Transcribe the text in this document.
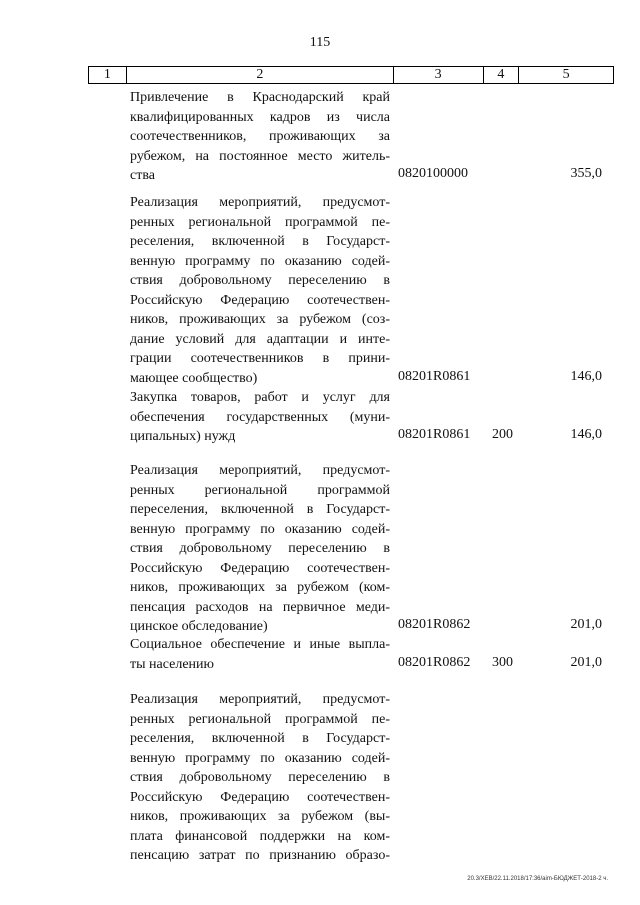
115
1	2	3	4	5
Привлечение в Краснодарский край
квалифицированных кадров из числа
соотечественников, проживающих за
рубежом, на постоянное место житель-
ства	0820100000	355,0
Реализация мероприятий, предусмот-
ренных региональной программой пе-
реселения, включенной в Государст-
венную программу по оказанию содей-
ствия добровольному переселению в
Российскую Федерацию соотечествен-
ников, проживающих за рубежом (соз-
дание условий для адаптации и инте-
грации соотечественников в прини-
мающее сообщество)	08201R0861	146,0
Закупка товаров, работ и услуг для
обеспечения государственных (муни-
ципальных) нужд	08201R0861 200	146,0
Реализация мероприятий, предусмот-
ренных региональной программой
переселения, включенной в Государст-
венную программу по оказанию содей-
ствия добровольному переселению в
Российскую Федерацию соотечествен-
ников, проживающих за рубежом (ком-
пенсация расходов на первичное меди-
цинское обследование)	08201R0862	201,0
Социальное обеспечение и иные выпла-
ты населению	08201R0862 300	201,0
Реализация мероприятий, предусмот-
ренных региональной программой пе-
реселения, включенной в Государст-
венную программу по оказанию содей-
ствия добровольному переселению в
Российскую Федерацию соотечествен-
ников, проживающих за рубежом (вы-
плата финансовой поддержки на ком-
пенсацию затрат по признанию образо-
20.3/ХЕВ/22.11.2018/17:36/aim-БЮДЖЕТ-2018-2 ч.
